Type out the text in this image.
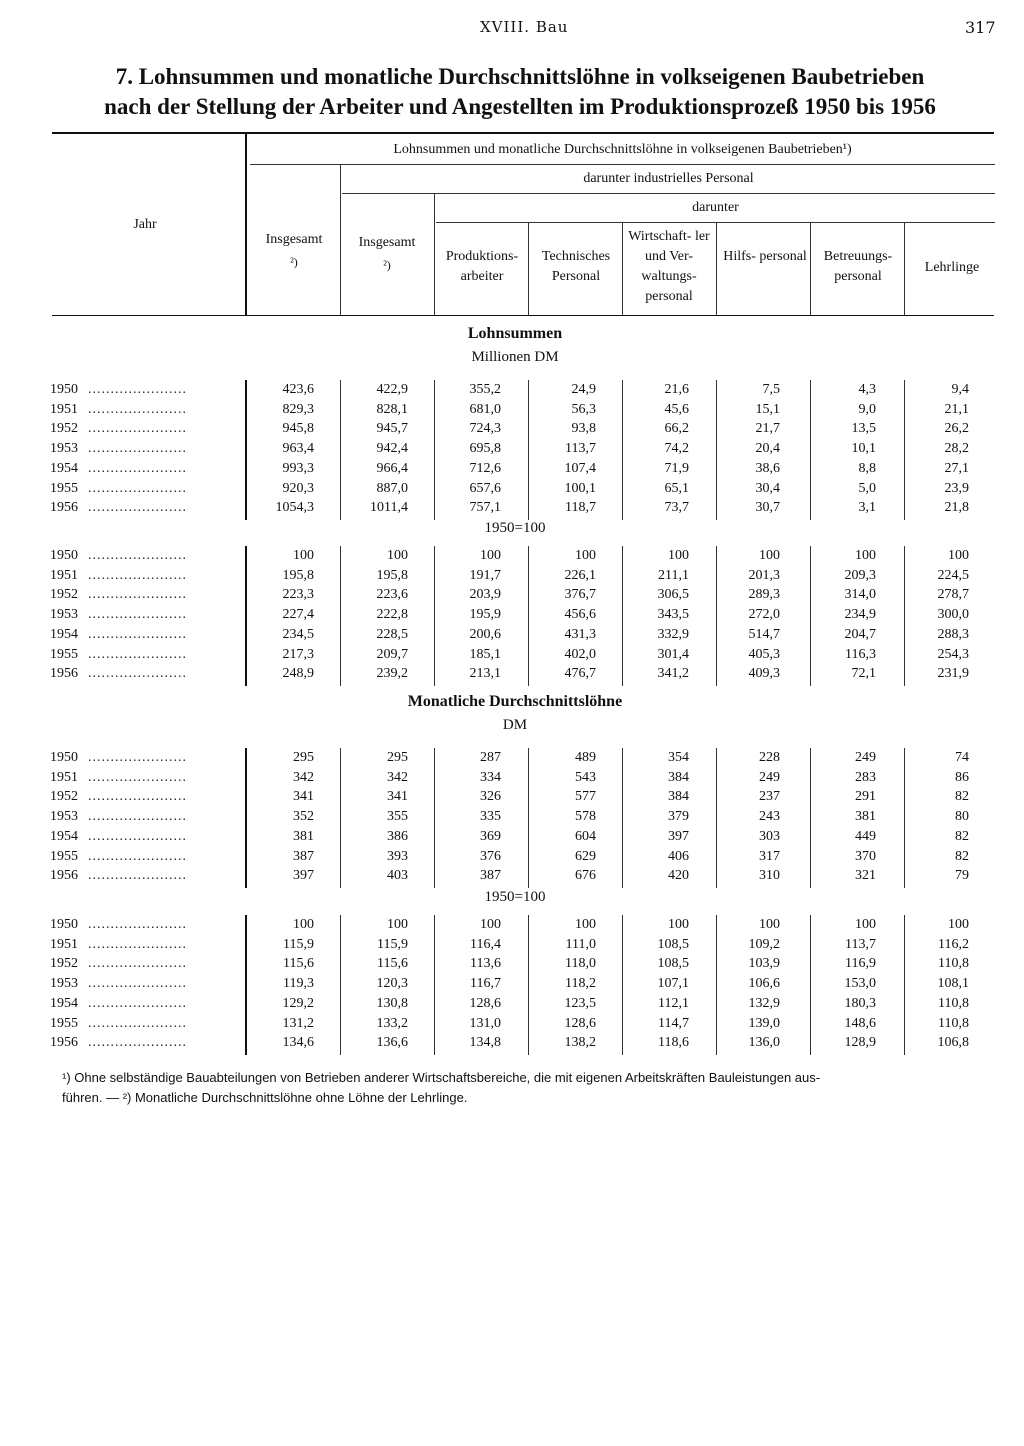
XVIII. Bau	317
7. Lohnsummen und monatliche Durchschnittslöhne in volkseigenen Baubetrieben
nach der Stellung der Arbeiter und Angestellten im Produktionsprozeß 1950 bis 1956
Jahr
Lohnsummen und monatliche Durchschnittslöhne in volkseigenen Baubetrieben¹)
darunter industrielles Personal
darunter
Insgesamt
²)
Insgesamt
²)
Produktions- arbeiter
Technisches Personal
Wirtschaft- ler und Ver- waltungs- personal
Hilfs- personal	Betreuungs- personal
Lehrlinge
Lohnsummen
Millionen DM
1950 ......................	423,6	422,9	355,2	24,9	21,6	7,5	4,3	9,4
1951 ......................	829,3	828,1	681,0	56,3	45,6	15,1	9,0	21,1
1952 ......................	945,8	945,7	724,3	93,8	66,2	21,7	13,5	26,2
1953 ......................	963,4	942,4	695,8	113,7	74,2	20,4	10,1	28,2
1954 ......................	993,3	966,4	712,6	107,4	71,9	38,6	8,8	27,1
1955 ......................	920,3	887,0	657,6	100,1	65,1	30,4	5,0	23,9
1956 ......................	1054,3	1011,4	757,1	118,7	73,7	30,7	3,1	21,8
1950=100
1950 ......................	100	100	100	100	100	100	100	100
1951 ......................	195,8	195,8	191,7	226,1	211,1	201,3	209,3	224,5
1952 ......................	223,3	223,6	203,9	376,7	306,5	289,3	314,0	278,7
1953 ......................	227,4	222,8	195,9	456,6	343,5	272,0	234,9	300,0
1954 ......................	234,5	228,5	200,6	431,3	332,9	514,7	204,7	288,3
1955 ......................	217,3	209,7	185,1	402,0	301,4	405,3	116,3	254,3
1956 ......................	248,9	239,2	213,1	476,7	341,2	409,3	72,1	231,9
Monatliche Durchschnittslöhne
DM
1950 ......................	295	295	287	489	354	228	249	74
1951 ......................	342	342	334	543	384	249	283	86
1952 ......................	341	341	326	577	384	237	291	82
1953 ......................	352	355	335	578	379	243	381	80
1954 ......................	381	386	369	604	397	303	449	82
1955 ......................	387	393	376	629	406	317	370	82
1956 ......................	397	403	387	676	420	310	321	79
1950=100
1950 ......................	100	100	100	100	100	100	100	100
1951 ......................	115,9	115,9	116,4	111,0	108,5	109,2	113,7	116,2
1952 ......................	115,6	115,6	113,6	118,0	108,5	103,9	116,9	110,8
1953 ......................	119,3	120,3	116,7	118,2	107,1	106,6	153,0	108,1
1954 ......................	129,2	130,8	128,6	123,5	112,1	132,9	180,3	110,8
1955 ......................	131,2	133,2	131,0	128,6	114,7	139,0	148,6	110,8
1956 ......................	134,6	136,6	134,8	138,2	118,6	136,0	128,9	106,8
¹) Ohne selbständige Bauabteilungen von Betrieben anderer Wirtschaftsbereiche, die mit eigenen Arbeitskräften Bauleistungen aus-
führen. — ²) Monatliche Durchschnittslöhne ohne Löhne der Lehrlinge.
